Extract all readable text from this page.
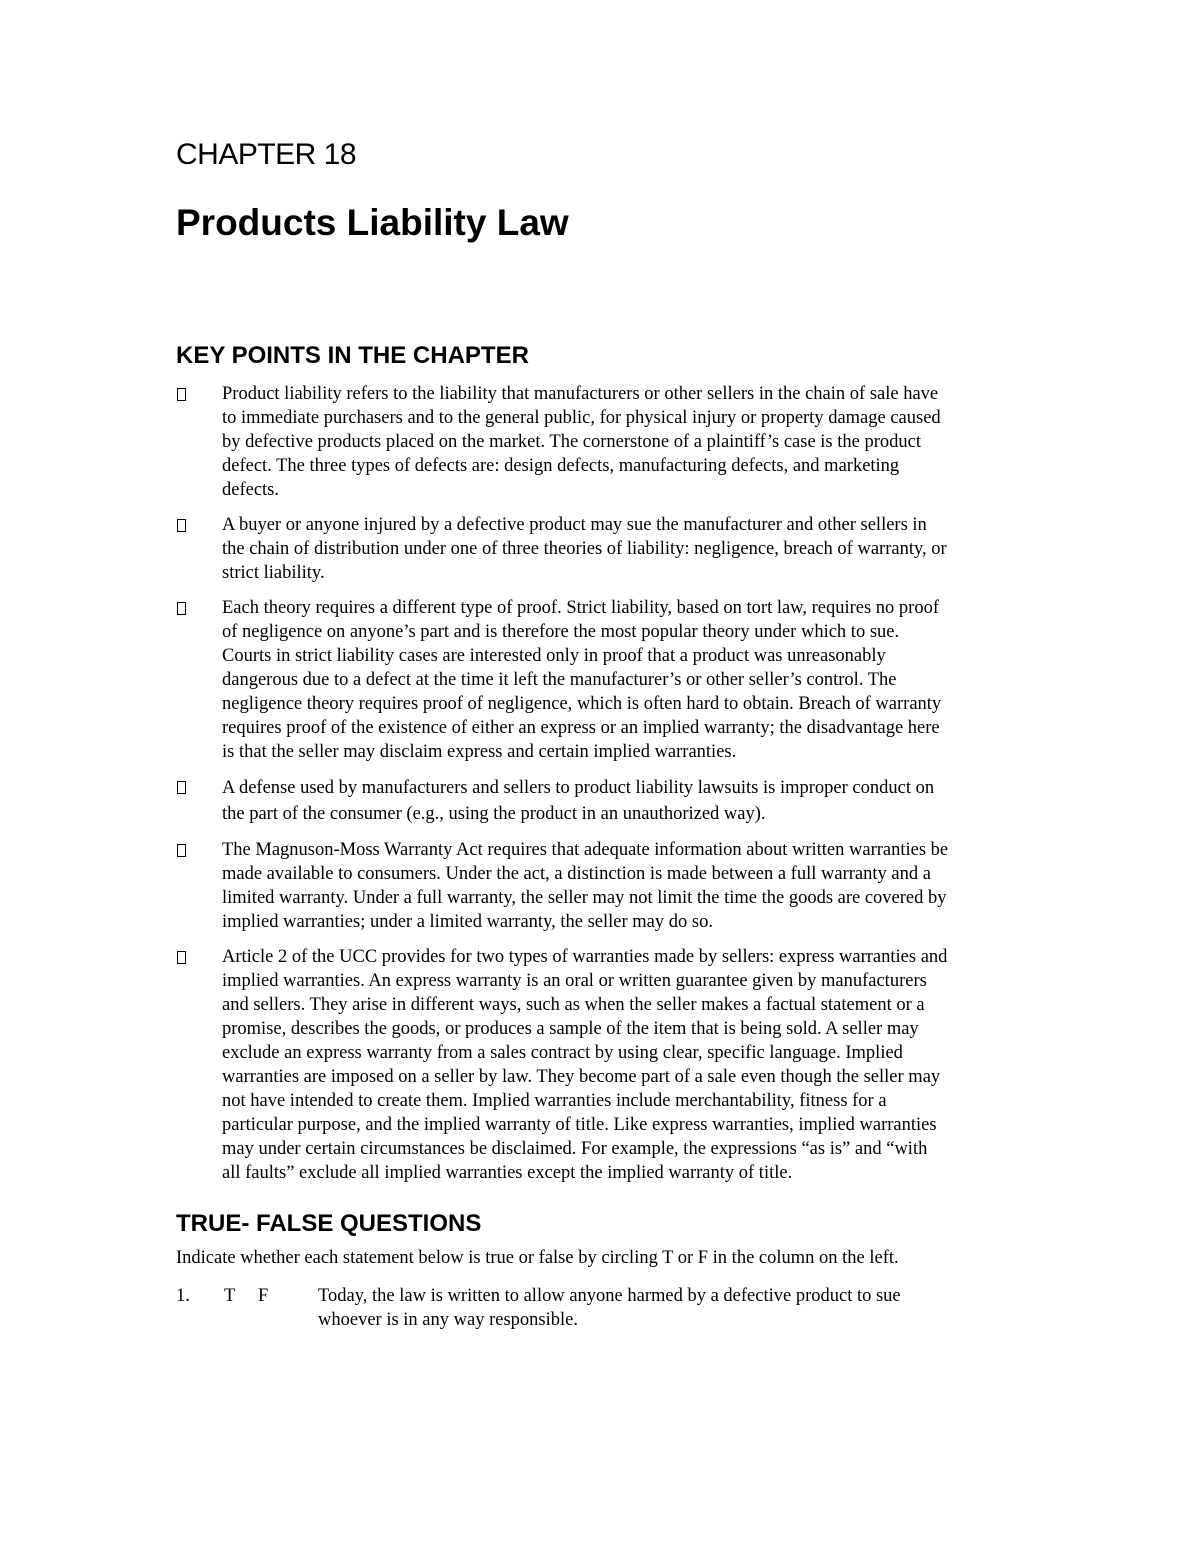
CHAPTER 18
Products Liability Law
KEY POINTS IN THE CHAPTER
Product liability refers to the liability that manufacturers or other sellers in the chain of sale have
to immediate purchasers and to the general public, for physical injury or property damage caused
by defective products placed on the market. The cornerstone of a plaintiff’s case is the product
defect. The three types of defects are: design defects, manufacturing defects, and marketing
defects.
A buyer or anyone injured by a defective product may sue the manufacturer and other sellers in
the chain of distribution under one of three theories of liability: negligence, breach of warranty, or
strict liability.
Each theory requires a different type of proof. Strict liability, based on tort law, requires no proof
of negligence on anyone’s part and is therefore the most popular theory under which to sue.
Courts in strict liability cases are interested only in proof that a product was unreasonably
dangerous due to a defect at the time it left the manufacturer’s or other seller’s control. The
negligence theory requires proof of negligence, which is often hard to obtain. Breach of warranty
requires proof of the existence of either an express or an implied warranty; the disadvantage here
is that the seller may disclaim express and certain implied warranties.
A defense used by manufacturers and sellers to product liability lawsuits is improper conduct on
the part of the consumer (e.g., using the product in an unauthorized way).
The Magnuson-Moss Warranty Act requires that adequate information about written warranties be
made available to consumers. Under the act, a distinction is made between a full warranty and a
limited warranty. Under a full warranty, the seller may not limit the time the goods are covered by
implied warranties; under a limited warranty, the seller may do so.
Article 2 of the UCC provides for two types of warranties made by sellers: express warranties and
implied warranties. An express warranty is an oral or written guarantee given by manufacturers
and sellers. They arise in different ways, such as when the seller makes a factual statement or a
promise, describes the goods, or produces a sample of the item that is being sold. A seller may
exclude an express warranty from a sales contract by using clear, specific language. Implied
warranties are imposed on a seller by law. They become part of a sale even though the seller may
not have intended to create them. Implied warranties include merchantability, fitness for a
particular purpose, and the implied warranty of title. Like express warranties, implied warranties
may under certain circumstances be disclaimed. For example, the expressions “as is” and “with
all faults” exclude all implied warranties except the implied warranty of title.
TRUE- FALSE QUESTIONS
Indicate whether each statement below is true or false by circling T or F in the column on the left.
1. T F	Today, the law is written to allow anyone harmed by a defective product to sue
whoever is in any way responsible.
